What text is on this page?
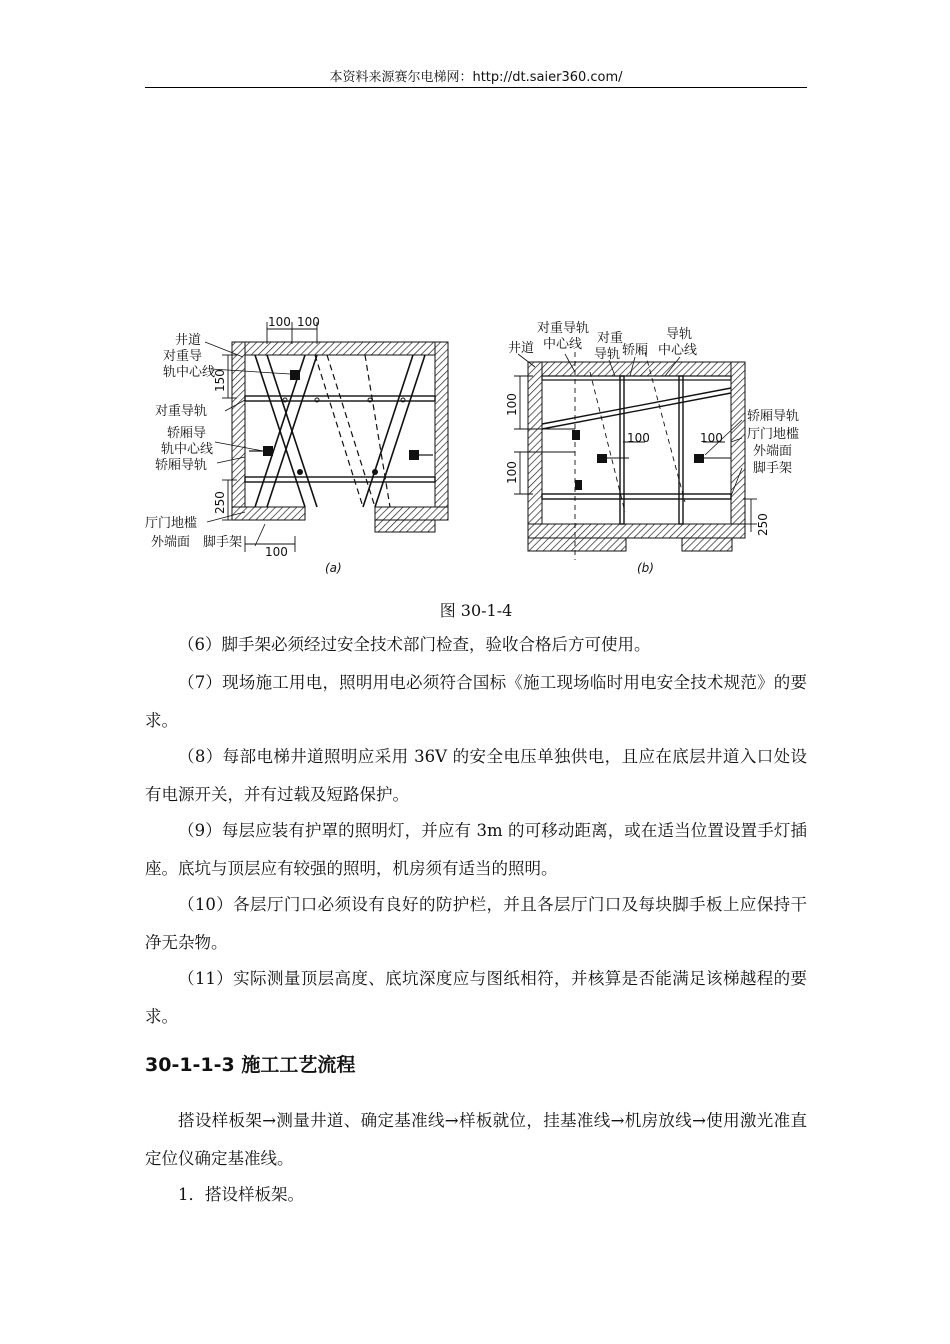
本资料来源赛尔电梯网：http://dt.saier360.com/
100 100
150
250
100
井道
对重导
轨中心线
对重导轨
轿厢导
轨中心线
轿厢导轨
厅门地槛
外端面 脚手架
(a)
100
100
100	100
250
对重导轨
中心线
井道
对重
导轨 轿厢
导轨
中心线
轿厢导轨
厅门地槛
外端面
脚手架
(b)
图 30-1-4
（6）脚手架必须经过安全技术部门检查，验收合格后方可使用。
（7）现场施工用电，照明用电必须符合国标《施工现场临时用电安全技术规范》的要求。
（8）每部电梯井道照明应采用 36V 的安全电压单独供电，且应在底层井道入口处设有电源开关，并有过载及短路保护。
（9）每层应装有护罩的照明灯，并应有 3m 的可移动距离，或在适当位置设置手灯插座。底坑与顶层应有较强的照明，机房须有适当的照明。
（10）各层厅门口必须设有良好的防护栏，并且各层厅门口及每块脚手板上应保持干净无杂物。
（11）实际测量顶层高度、底坑深度应与图纸相符，并核算是否能满足该梯越程的要求。
30-1-1-3 施工工艺流程
搭设样板架→测量井道、确定基准线→样板就位，挂基准线→机房放线→使用激光准直定位仪确定基准线。
1．搭设样板架。
